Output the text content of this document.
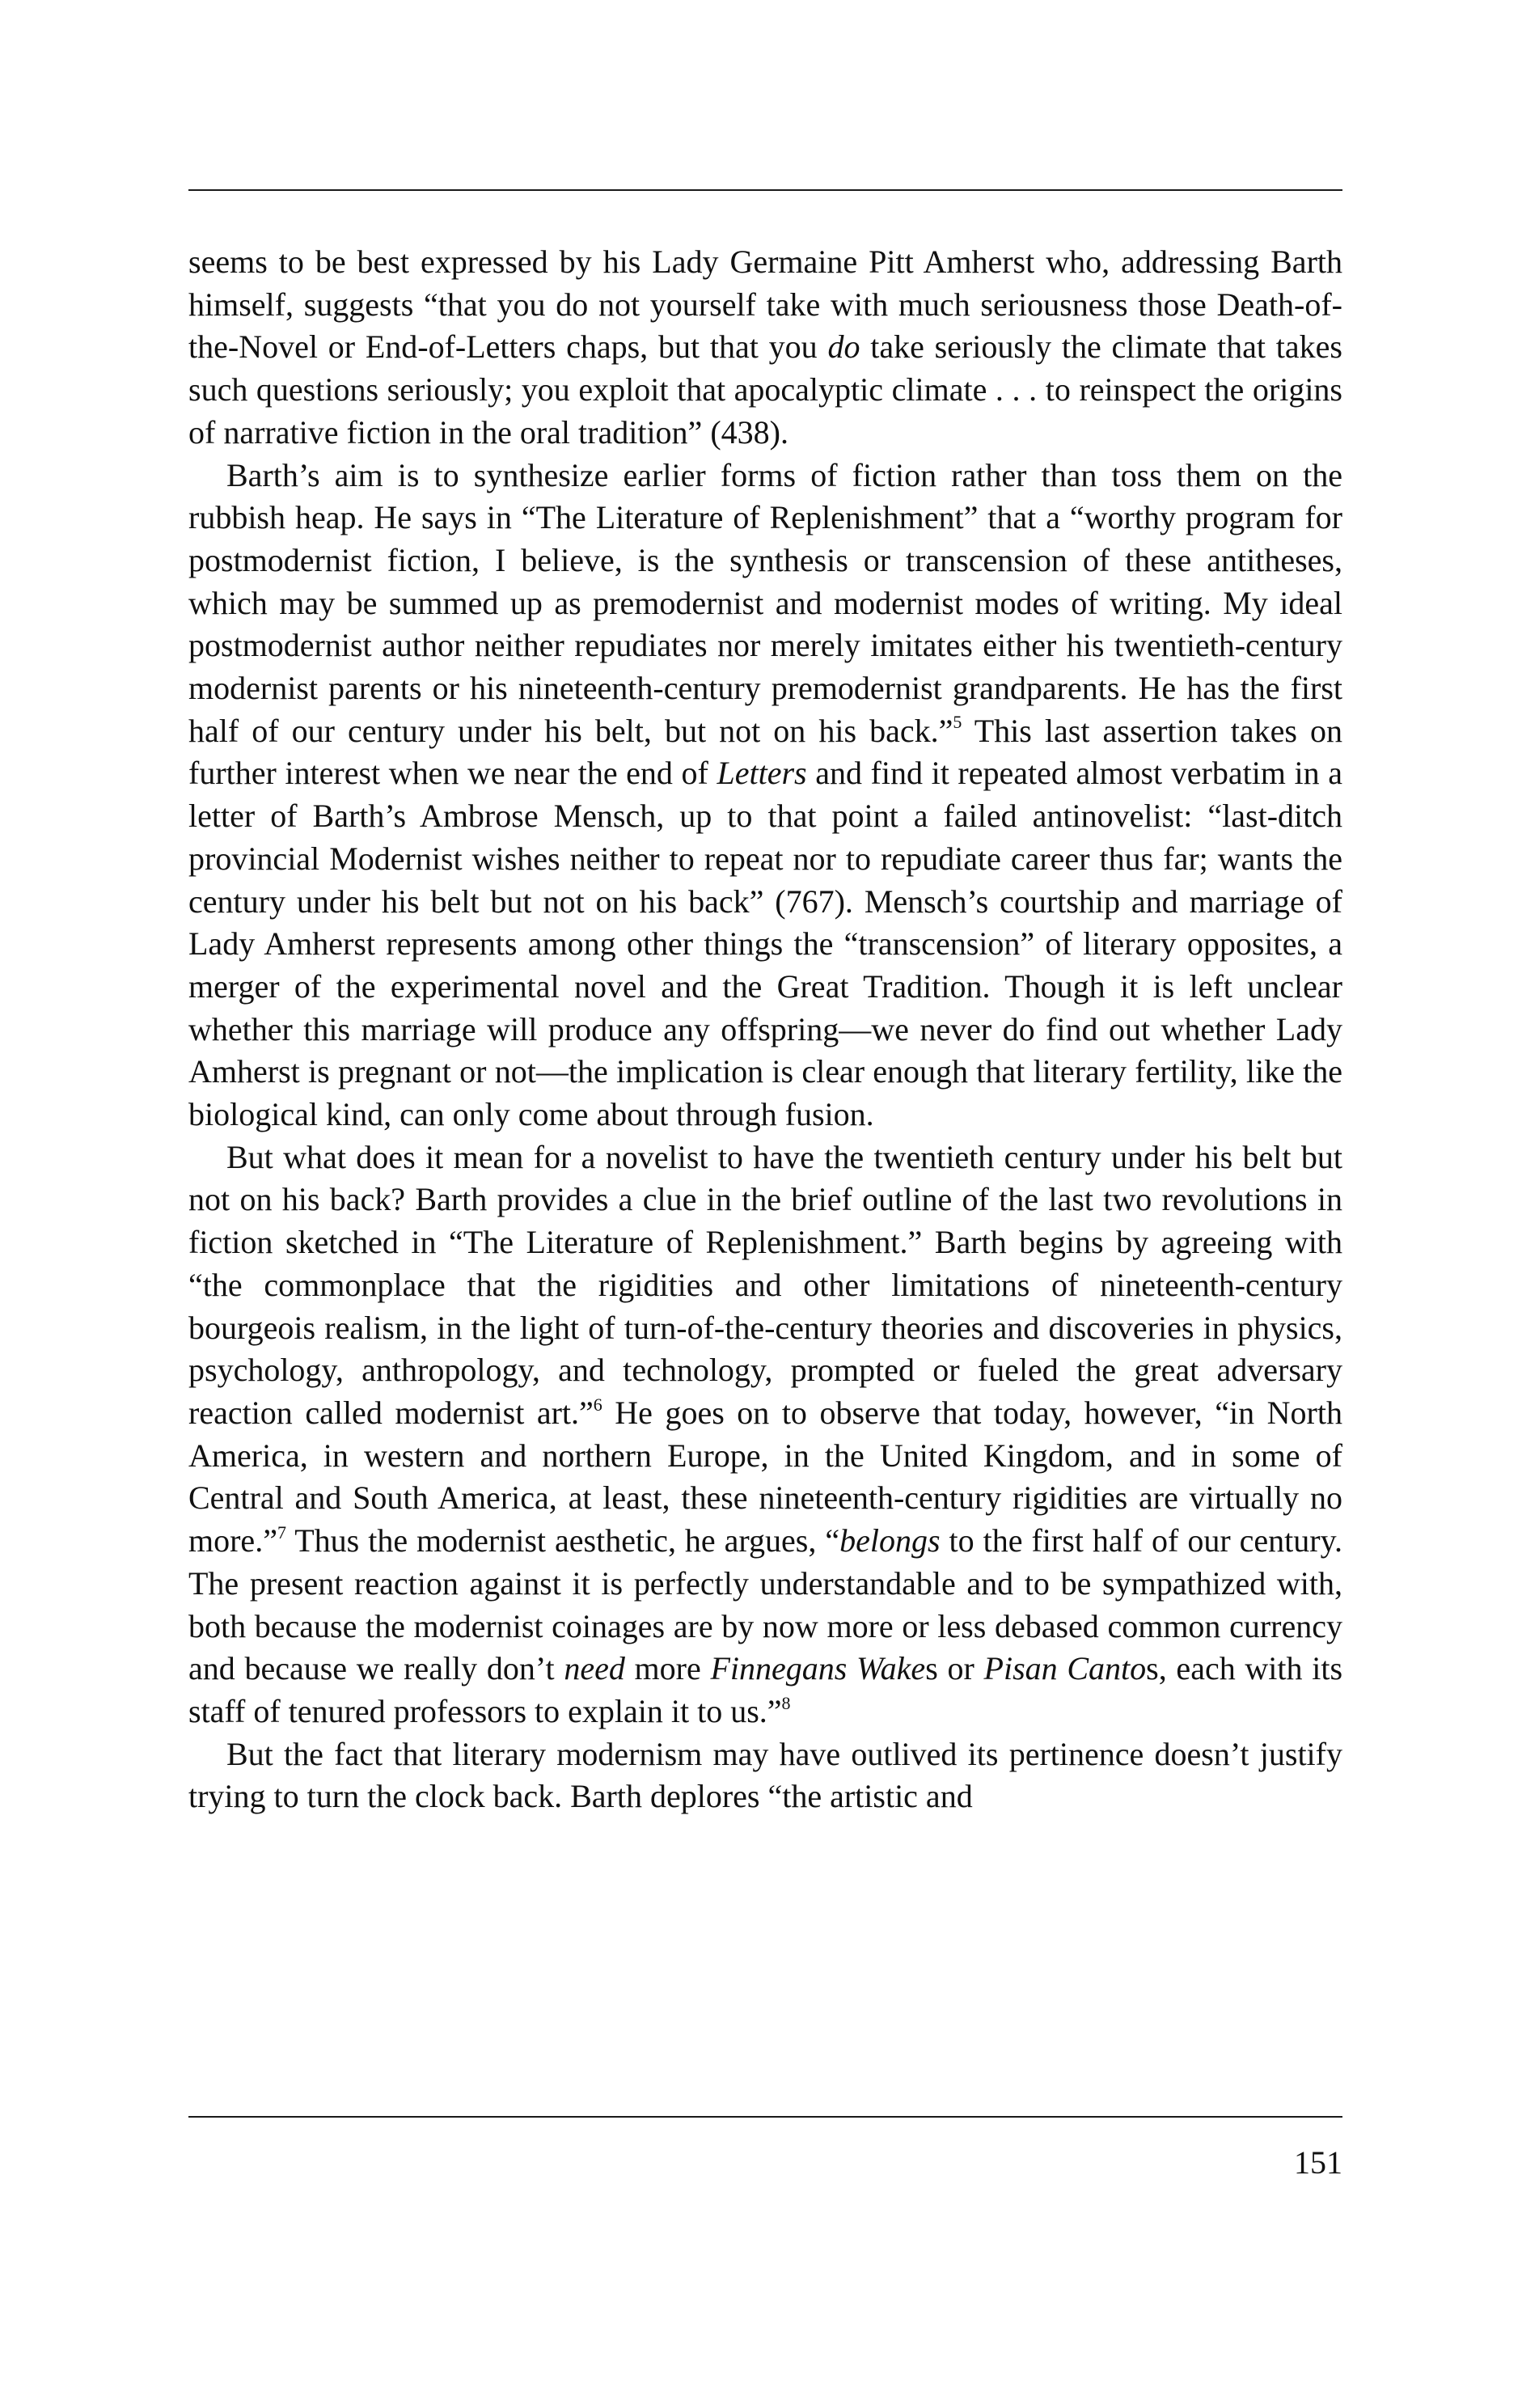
seems to be best expressed by his Lady Germaine Pitt Amherst who, addressing Barth himself, suggests “that you do not yourself take with much seriousness those Death-of-the-Novel or End-of-Letters chaps, but that you do take seriously the climate that takes such questions seriously; you exploit that apocalyptic climate . . . to reinspect the origins of narrative fiction in the oral tradition” (438).

Barth’s aim is to synthesize earlier forms of fiction rather than toss them on the rubbish heap. He says in “The Literature of Replenishment” that a “worthy program for postmodernist fiction, I believe, is the synthesis or transcension of these antitheses, which may be summed up as premodernist and modernist modes of writing. My ideal postmodernist author neither repudiates nor merely imitates either his twentieth-century modernist parents or his nineteenth-century premodernist grandparents. He has the first half of our century under his belt, but not on his back.”$^5$ This last assertion takes on further interest when we near the end of Letters and find it repeated almost verbatim in a letter of Barth’s Ambrose Mensch, up to that point a failed antinovelist: “last-ditch provincial Modernist wishes neither to repeat nor to repudiate career thus far; wants the century under his belt but not on his back” (767). Mensch’s courtship and marriage of Lady Amherst represents among other things the “transcension” of literary opposites, a merger of the experimental novel and the Great Tradition. Though it is left unclear whether this marriage will produce any offspring—we never do find out whether Lady Amherst is pregnant or not—the implication is clear enough that literary fertility, like the biological kind, can only come about through fusion.

But what does it mean for a novelist to have the twentieth century under his belt but not on his back? Barth provides a clue in the brief outline of the last two revolutions in fiction sketched in “The Literature of Replenishment.” Barth begins by agreeing with “the commonplace that the rigidities and other limitations of nineteenth-century bourgeois realism, in the light of turn-of-the-century theories and discoveries in physics, psychology, anthropology, and technology, prompted or fueled the great adversary reaction called modernist art.”$^6$ He goes on to observe that today, however, “in North America, in western and northern Europe, in the United Kingdom, and in some of Central and South America, at least, these nineteenth-century rigidities are virtually no more.”$^7$ Thus the modernist aesthetic, he argues, “belongs to the first half of our century. The present reaction against it is perfectly understandable and to be sympathized with, both because the modernist coinages are by now more or less debased common currency and because we really don’t need more Finnegans Wakes or Pisan Cantos, each with its staff of tenured professors to explain it to us.”$^8$

But the fact that literary modernism may have outlived its pertinence doesn’t justify trying to turn the clock back. Barth deplores “the artistic and

151
